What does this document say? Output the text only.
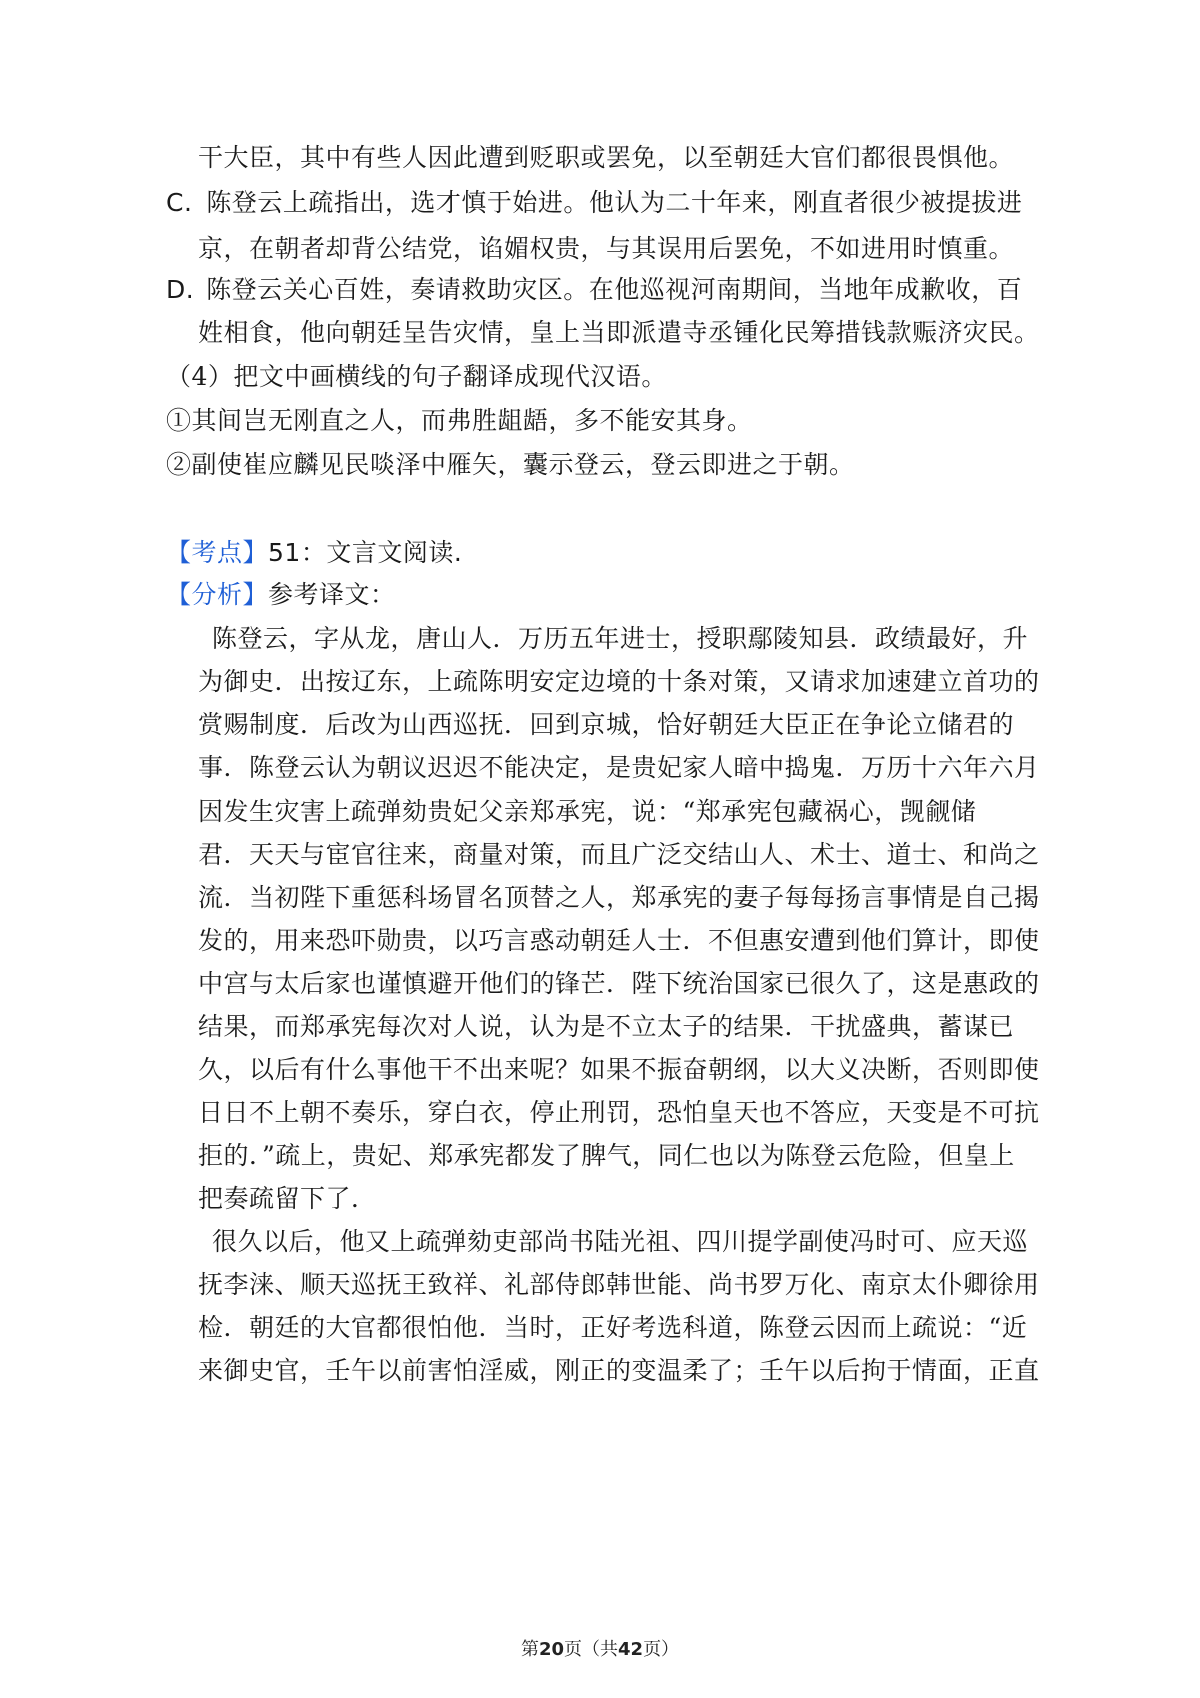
干大臣，其中有些人因此遭到贬职或罢免，以至朝廷大官们都很畏惧他。
C. 陈登云上疏指出，选才慎于始进。他认为二十年来，刚直者很少被提拔进
京，在朝者却背公结党，谄媚权贵，与其误用后罢免，不如进用时慎重。
D. 陈登云关心百姓，奏请救助灾区。在他巡视河南期间，当地年成歉收，百
姓相食，他向朝廷呈告灾情，皇上当即派遣寺丞锺化民筹措钱款赈济灾民。
（4）把文中画横线的句子翻译成现代汉语。
①其间岂无刚直之人，而弗胜龃龉，多不能安其身。
②副使崔应麟见民啖泽中雁矢，囊示登云，登云即进之于朝。
【考点】51：文言文阅读.
【分析】参考译文：
陈登云，字从龙，唐山人．万历五年进士，授职鄢陵知县．政绩最好，升
为御史．出按辽东，上疏陈明安定边境的十条对策，又请求加速建立首功的
赏赐制度．后改为山西巡抚．回到京城，恰好朝廷大臣正在争论立储君的
事．陈登云认为朝议迟迟不能决定，是贵妃家人暗中捣鬼．万历十六年六月
因发生灾害上疏弹劾贵妃父亲郑承宪，说：“郑承宪包藏祸心，觊觎储
君．天天与宦官往来，商量对策，而且广泛交结山人、术士、道士、和尚之
流．当初陛下重惩科场冒名顶替之人，郑承宪的妻子每每扬言事情是自己揭
发的，用来恐吓勋贵，以巧言惑动朝廷人士．不但惠安遭到他们算计，即使
中宫与太后家也谨慎避开他们的锋芒．陛下统治国家已很久了，这是惠政的
结果，而郑承宪每次对人说，认为是不立太子的结果．干扰盛典，蓄谋已
久，以后有什么事他干不出来呢？如果不振奋朝纲，以大义决断，否则即使
日日不上朝不奏乐，穿白衣，停止刑罚，恐怕皇天也不答应，天变是不可抗
拒的．”疏上，贵妃、郑承宪都发了脾气，同仁也以为陈登云危险，但皇上
把奏疏留下了．
很久以后，他又上疏弹劾吏部尚书陆光祖、四川提学副使冯时可、应天巡
抚李涞、顺天巡抚王致祥、礼部侍郎韩世能、尚书罗万化、南京太仆卿徐用
检．朝廷的大官都很怕他．当时，正好考选科道，陈登云因而上疏说：“近
来御史官，壬午以前害怕淫威，刚正的变温柔了；壬午以后拘于情面，正直
第20页（共42页）
